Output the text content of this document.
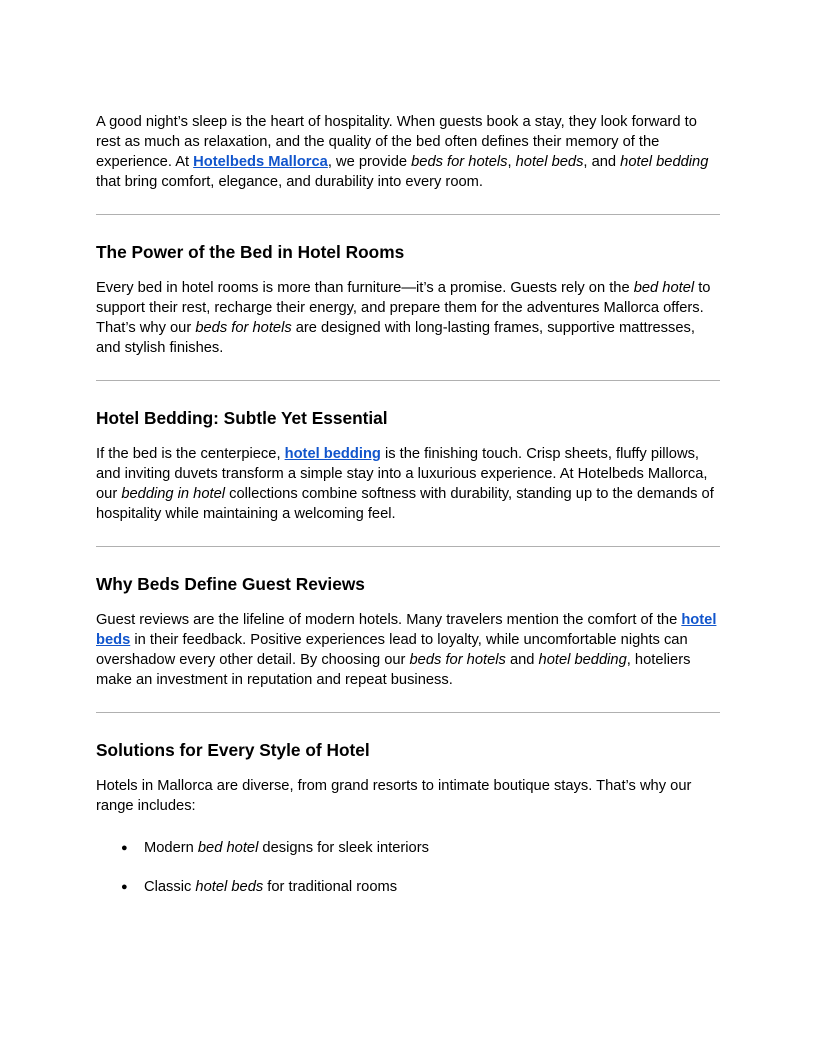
A good night’s sleep is the heart of hospitality. When guests book a stay, they look forward to rest as much as relaxation, and the quality of the bed often defines their memory of the experience. At Hotelbeds Mallorca, we provide beds for hotels, hotel beds, and hotel bedding that bring comfort, elegance, and durability into every room.

The Power of the Bed in Hotel Rooms

Every bed in hotel rooms is more than furniture—it’s a promise. Guests rely on the bed hotel to support their rest, recharge their energy, and prepare them for the adventures Mallorca offers. That’s why our beds for hotels are designed with long-lasting frames, supportive mattresses, and stylish finishes.

Hotel Bedding: Subtle Yet Essential

If the bed is the centerpiece, hotel bedding is the finishing touch. Crisp sheets, fluffy pillows, and inviting duvets transform a simple stay into a luxurious experience. At Hotelbeds Mallorca, our bedding in hotel collections combine softness with durability, standing up to the demands of hospitality while maintaining a welcoming feel.

Why Beds Define Guest Reviews

Guest reviews are the lifeline of modern hotels. Many travelers mention the comfort of the hotel beds in their feedback. Positive experiences lead to loyalty, while uncomfortable nights can overshadow every other detail. By choosing our beds for hotels and hotel bedding, hoteliers make an investment in reputation and repeat business.

Solutions for Every Style of Hotel

Hotels in Mallorca are diverse, from grand resorts to intimate boutique stays. That’s why our range includes:

● Modern bed hotel designs for sleek interiors
● Classic hotel beds for traditional rooms
